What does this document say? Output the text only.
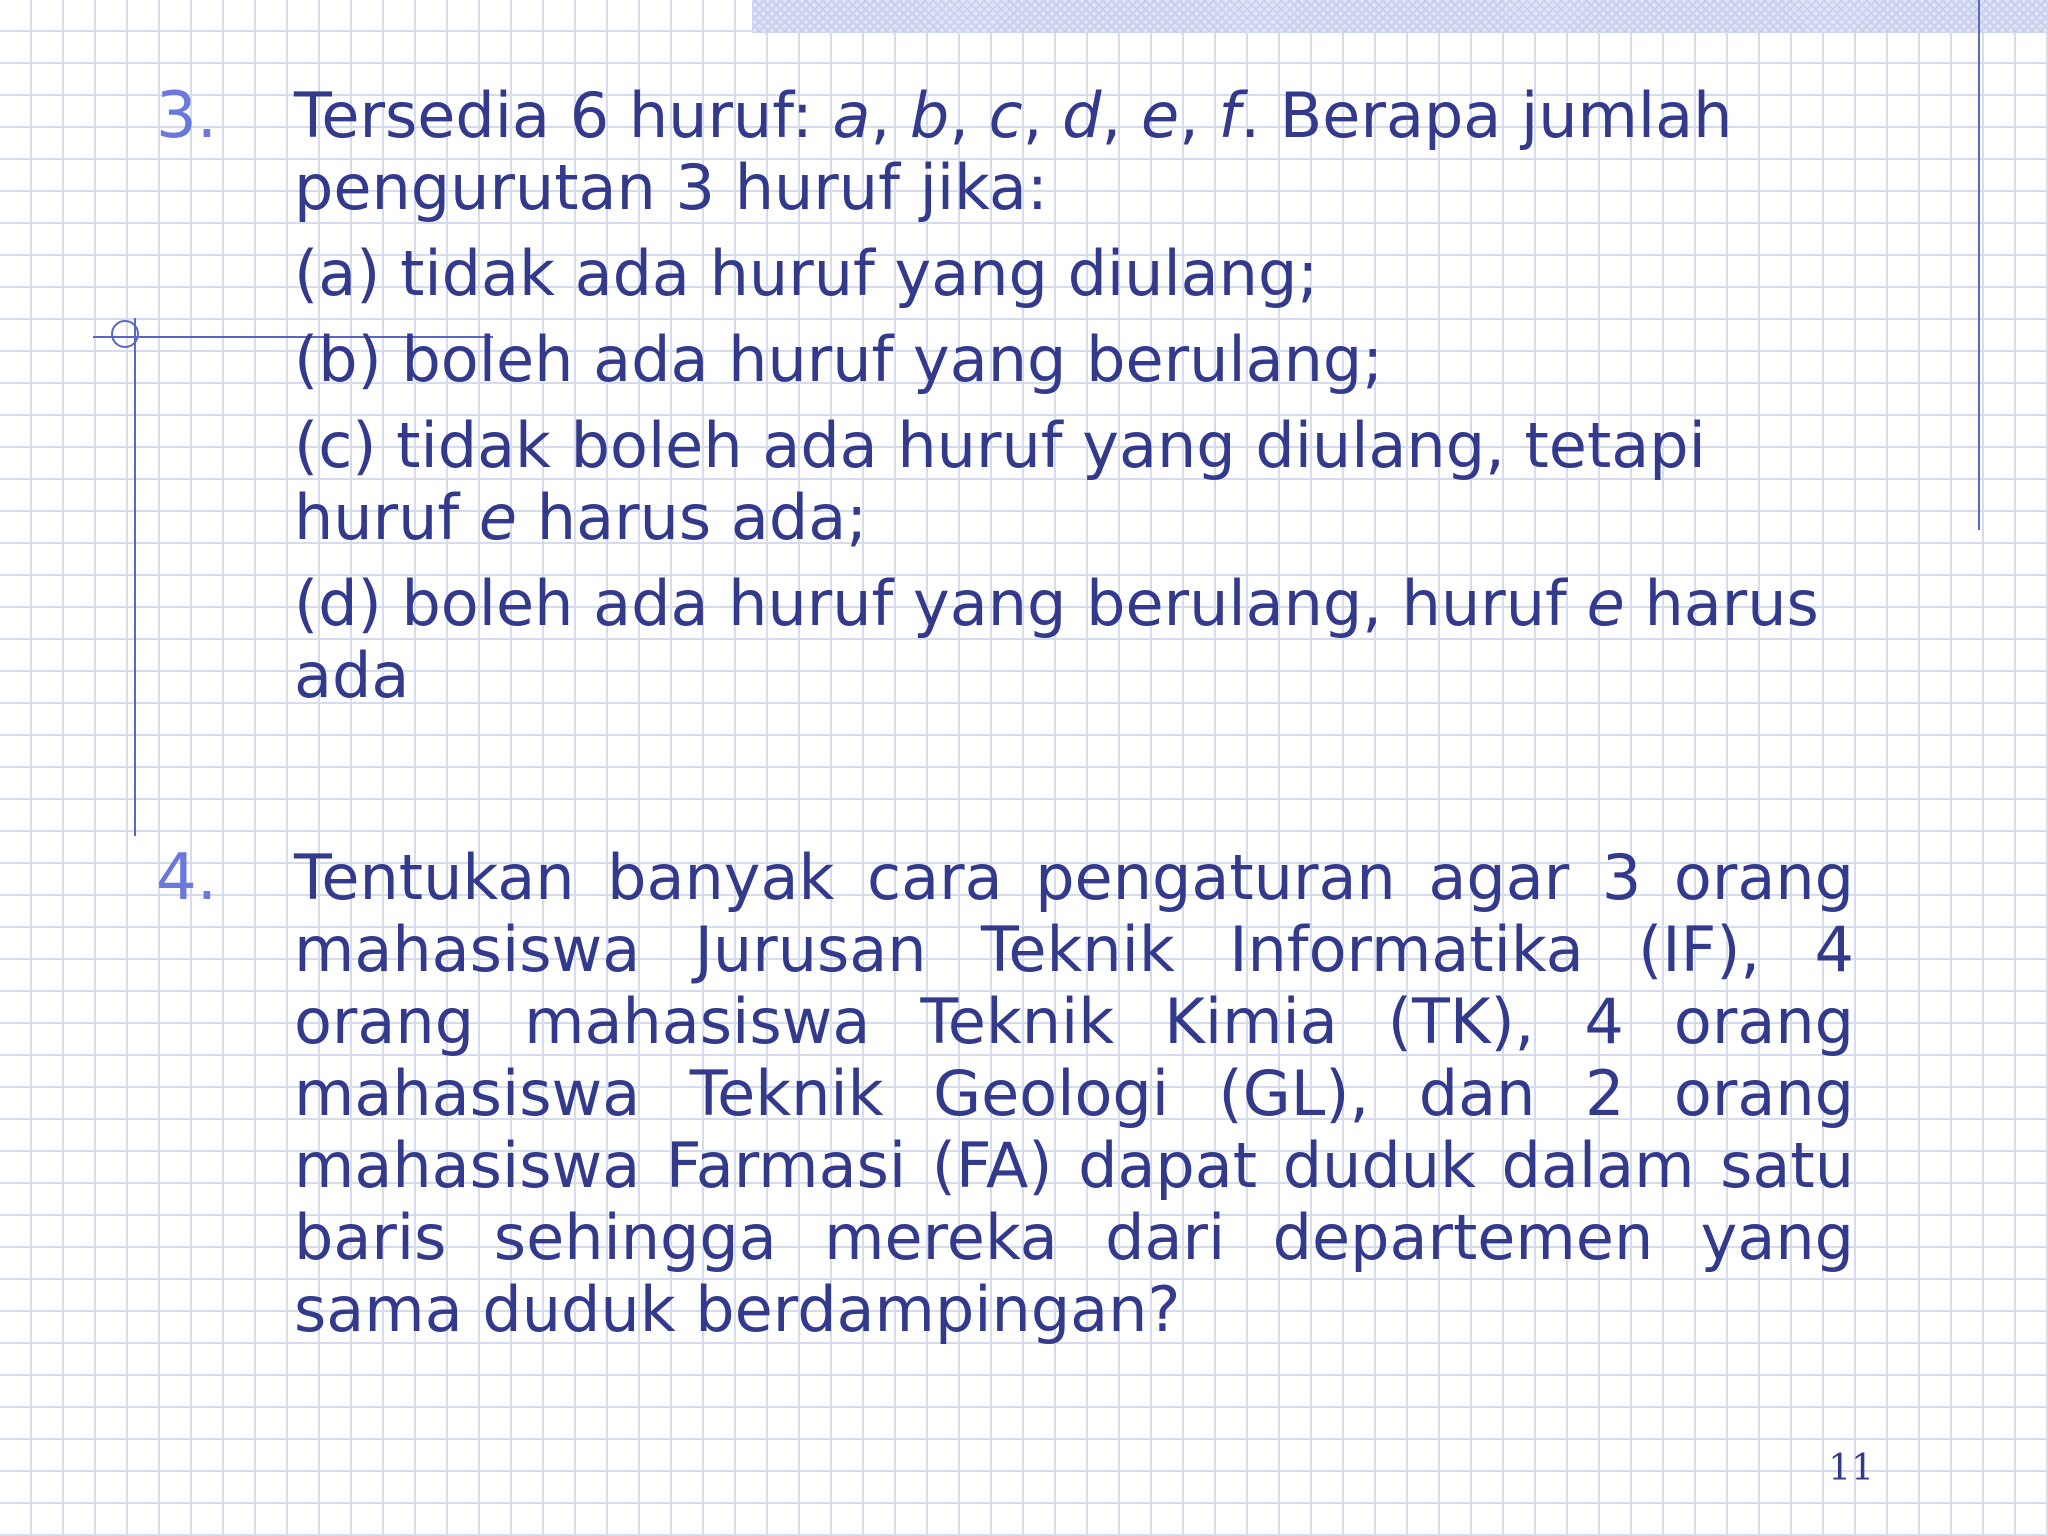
3. Tersedia 6 huruf: a, b, c, d, e, f. Berapa jumlah pengurutan 3 huruf jika:

(a) tidak ada huruf yang diulang;

(b) boleh ada huruf yang berulang;

(c) tidak boleh ada huruf yang diulang, tetapi huruf e harus ada;

(d) boleh ada huruf yang berulang, huruf e harus ada

4. Tentukan banyak cara pengaturan agar 3 orang mahasiswa Jurusan Teknik Informatika (IF), 4 orang mahasiswa Teknik Kimia (TK), 4 orang mahasiswa Teknik Geologi (GL), dan 2 orang mahasiswa Farmasi (FA) dapat duduk dalam satu baris sehingga mereka dari departemen yang sama duduk berdampingan?

11
